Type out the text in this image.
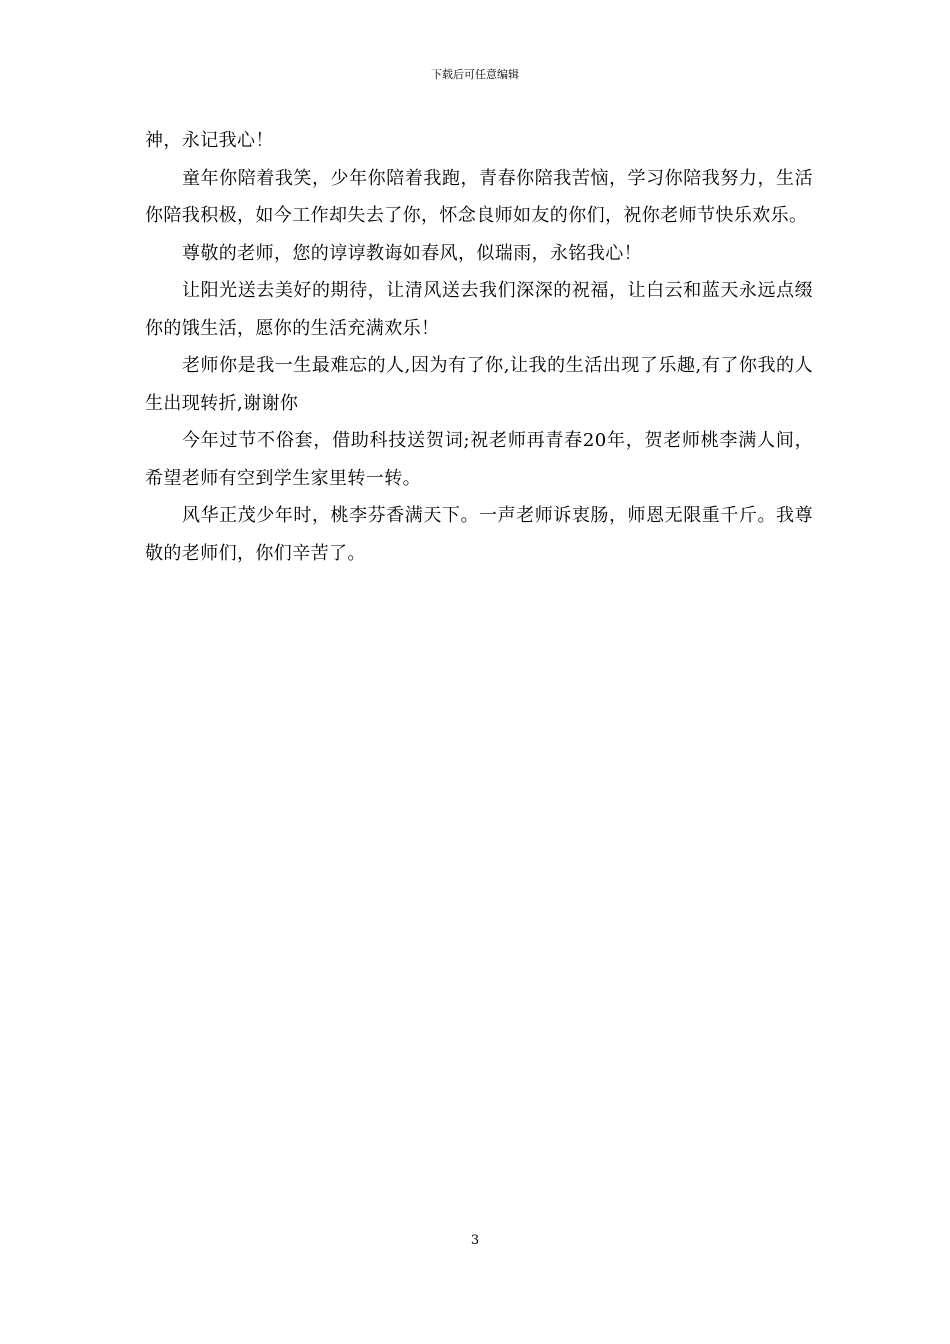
下载后可任意编辑

神，永记我心！

童年你陪着我笑，少年你陪着我跑，青春你陪我苦恼，学习你陪我努力，生活你陪我积极，如今工作却失去了你，怀念良师如友的你们，祝你老师节快乐欢乐。

尊敬的老师，您的谆谆教诲如春风，似瑞雨，永铭我心！

让阳光送去美好的期待，让清风送去我们深深的祝福，让白云和蓝天永远点缀你的饿生活，愿你的生活充满欢乐！

老师你是我一生最难忘的人,因为有了你,让我的生活出现了乐趣,有了你我的人生出现转折,谢谢你

今年过节不俗套，借助科技送贺词;祝老师再青春20年，贺老师桃李满人间，希望老师有空到学生家里转一转。

风华正茂少年时，桃李芬香满天下。一声老师诉衷肠，师恩无限重千斤。我尊敬的老师们，你们辛苦了。

3
